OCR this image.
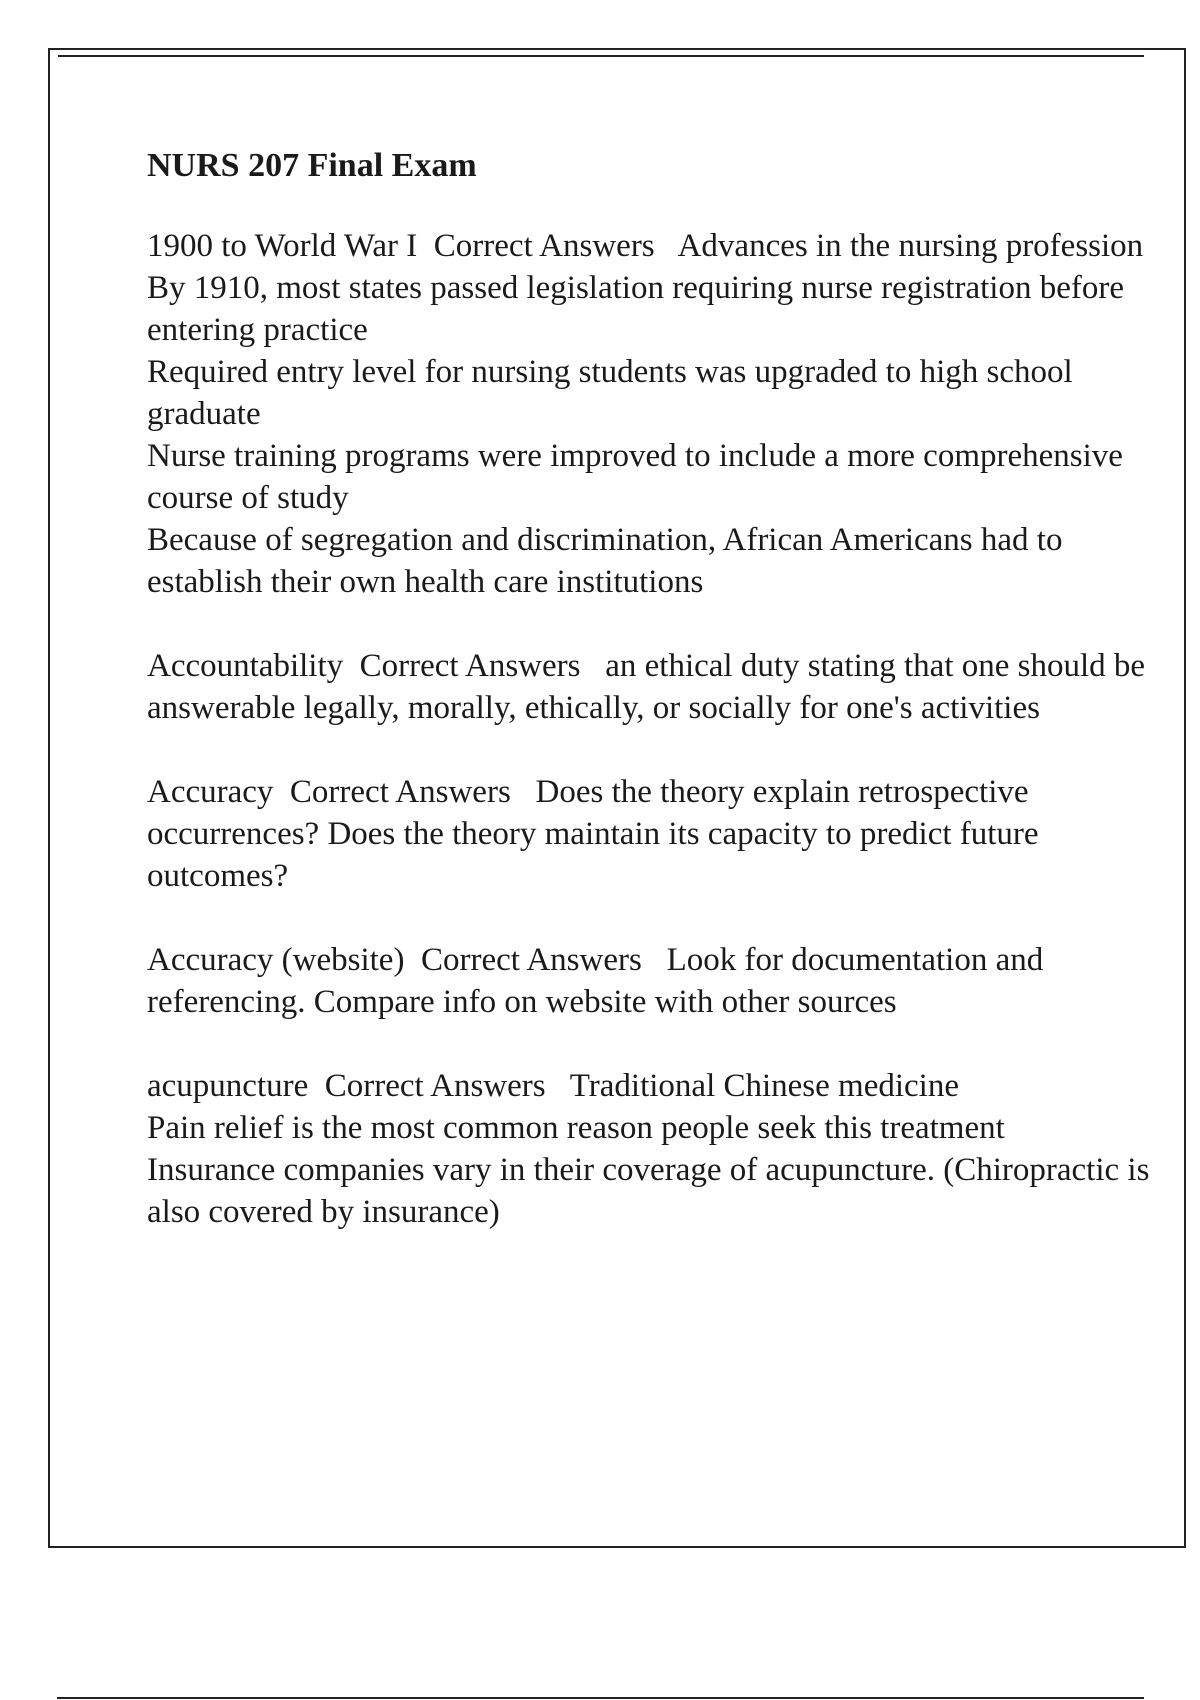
NURS 207 Final Exam

1900 to World War I Correct Answers Advances in the nursing profession

By 1910, most states passed legislation requiring nurse registration before entering practice

Required entry level for nursing students was upgraded to high school graduate

Nurse training programs were improved to include a more comprehensive course of study

Because of segregation and discrimination, African Americans had to establish their own health care institutions

Accountability Correct Answers an ethical duty stating that one should be answerable legally, morally, ethically, or socially for one's activities

Accuracy Correct Answers Does the theory explain retrospective occurrences? Does the theory maintain its capacity to predict future outcomes?

Accuracy (website) Correct Answers Look for documentation and referencing. Compare info on website with other sources

acupuncture Correct Answers Traditional Chinese medicine

Pain relief is the most common reason people seek this treatment

Insurance companies vary in their coverage of acupuncture. (Chiropractic is also covered by insurance)
